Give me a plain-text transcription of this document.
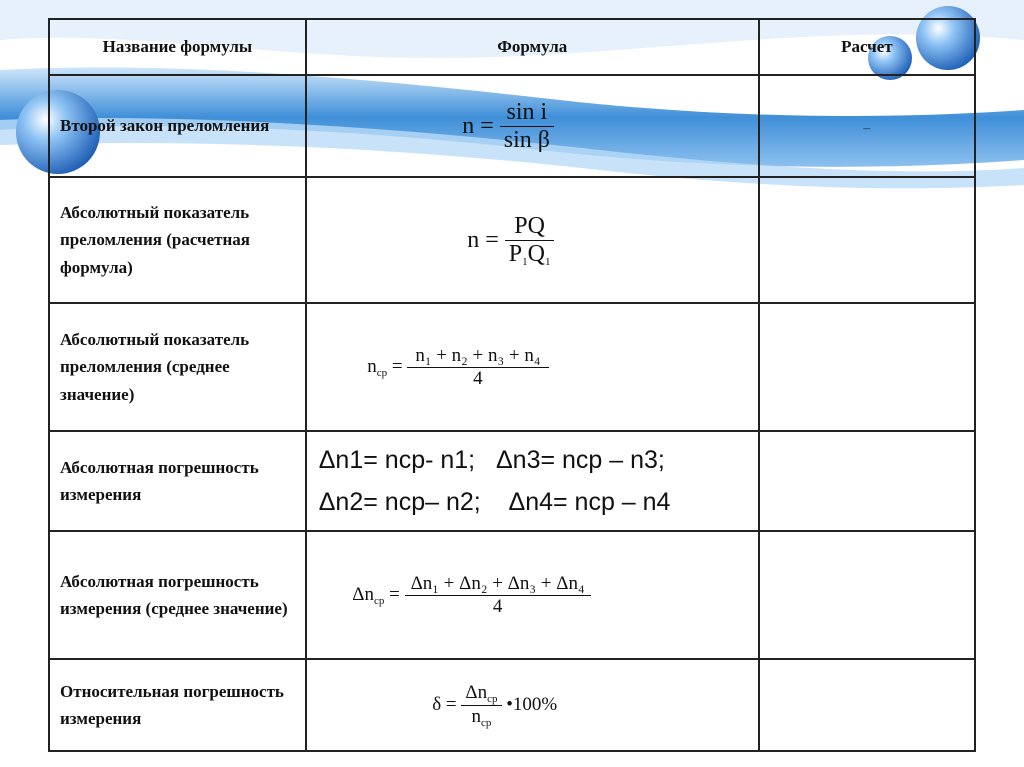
Название формулы	Формула	Расчет
Второй закон преломления	$n = \frac{\text{sin i}}{\text{sin β}}$	–

Абсолютный показатель преломления (расчетная формула)	$n = \frac{PQ}{P_1Q_1}$

Абсолютный показатель преломления (среднее значение)	$n_{ср} = \frac{\text{n₁ + n₂ + n₃ + n₄}}{4}$

Абсолютная погрешность измерения	Δn1= nср- n1; Δn3= nср – n3;
Δn2= nср– n2; Δn4= nср – n4	

Абсолютная погрешность измерения (среднее значение)	$\Delta n_{ср} = \frac{\text{Δn₁ + Δn₂ + Δn₃ + Δn₄}}{4}$

Относительная погрешность измерения	$\delta = \frac{\Delta n_{ср}}{n_{ср}}$ •100%	
